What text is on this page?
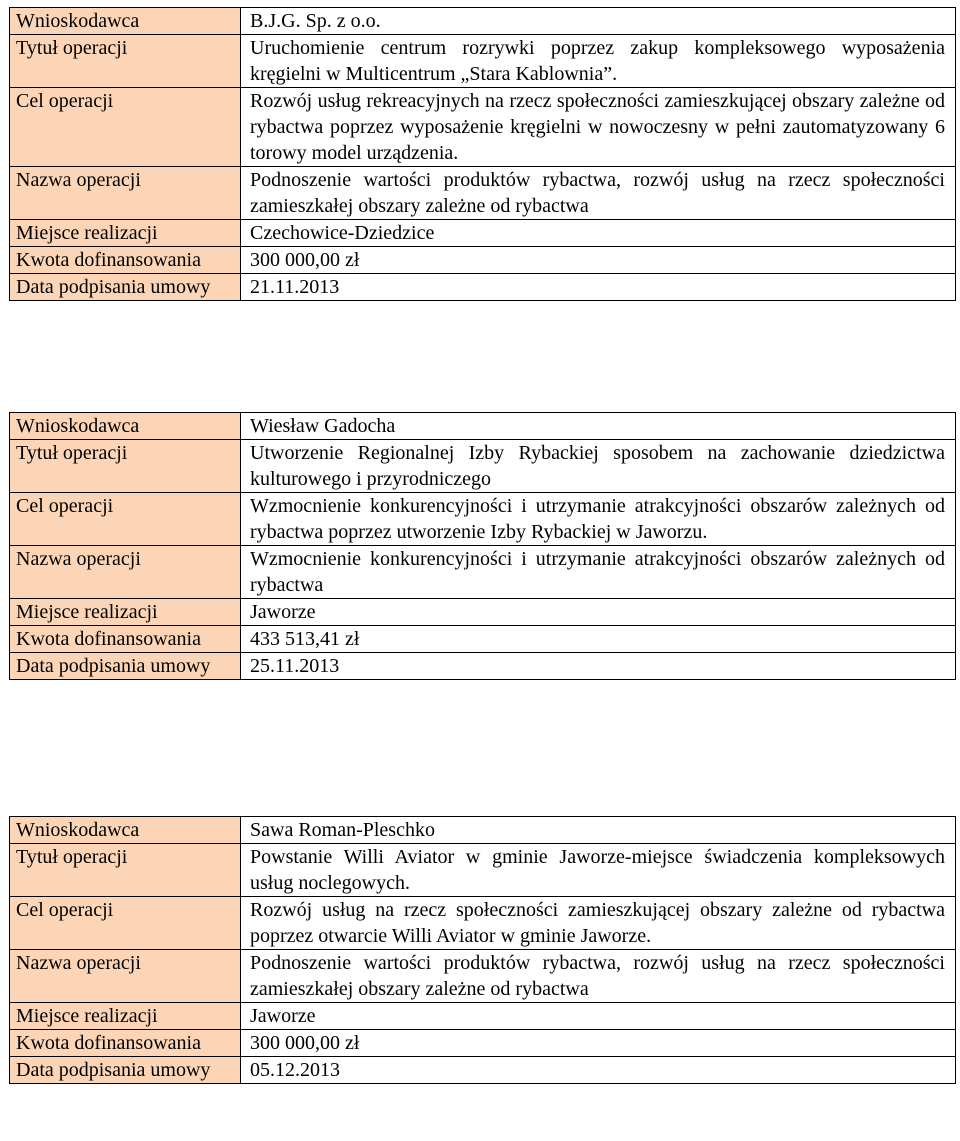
Wnioskodawca	B.J.G. Sp. z o.o.
Tytuł operacji	Uruchomienie centrum rozrywki poprzez zakup kompleksowego wyposażenia kręgielni w Multicentrum „Stara Kablownia”.
Cel operacji	Rozwój usług rekreacyjnych na rzecz społeczności zamieszkującej obszary zależne od rybactwa poprzez wyposażenie kręgielni w nowoczesny w pełni zautomatyzowany 6 torowy model urządzenia.
Nazwa operacji	Podnoszenie wartości produktów rybactwa, rozwój usług na rzecz społeczności zamieszkałej obszary zależne od rybactwa
Miejsce realizacji	Czechowice-Dziedzice
Kwota dofinansowania	300 000,00 zł
Data podpisania umowy	21.11.2013
Wnioskodawca	Wiesław Gadocha
Tytuł operacji	Utworzenie Regionalnej Izby Rybackiej sposobem na zachowanie dziedzictwa kulturowego i przyrodniczego
Cel operacji	Wzmocnienie konkurencyjności i utrzymanie atrakcyjności obszarów zależnych od rybactwa poprzez utworzenie Izby Rybackiej w Jaworzu.
Nazwa operacji	Wzmocnienie konkurencyjności i utrzymanie atrakcyjności obszarów zależnych od rybactwa
Miejsce realizacji	Jaworze
Kwota dofinansowania	433 513,41 zł
Data podpisania umowy	25.11.2013
Wnioskodawca	Sawa Roman-Pleschko
Tytuł operacji	Powstanie Willi Aviator w gminie Jaworze-miejsce świadczenia kompleksowych usług noclegowych.
Cel operacji	Rozwój usług na rzecz społeczności zamieszkującej obszary zależne od rybactwa poprzez otwarcie Willi Aviator w gminie Jaworze.
Nazwa operacji	Podnoszenie wartości produktów rybactwa, rozwój usług na rzecz społeczności zamieszkałej obszary zależne od rybactwa
Miejsce realizacji	Jaworze
Kwota dofinansowania	300 000,00 zł
Data podpisania umowy	05.12.2013
